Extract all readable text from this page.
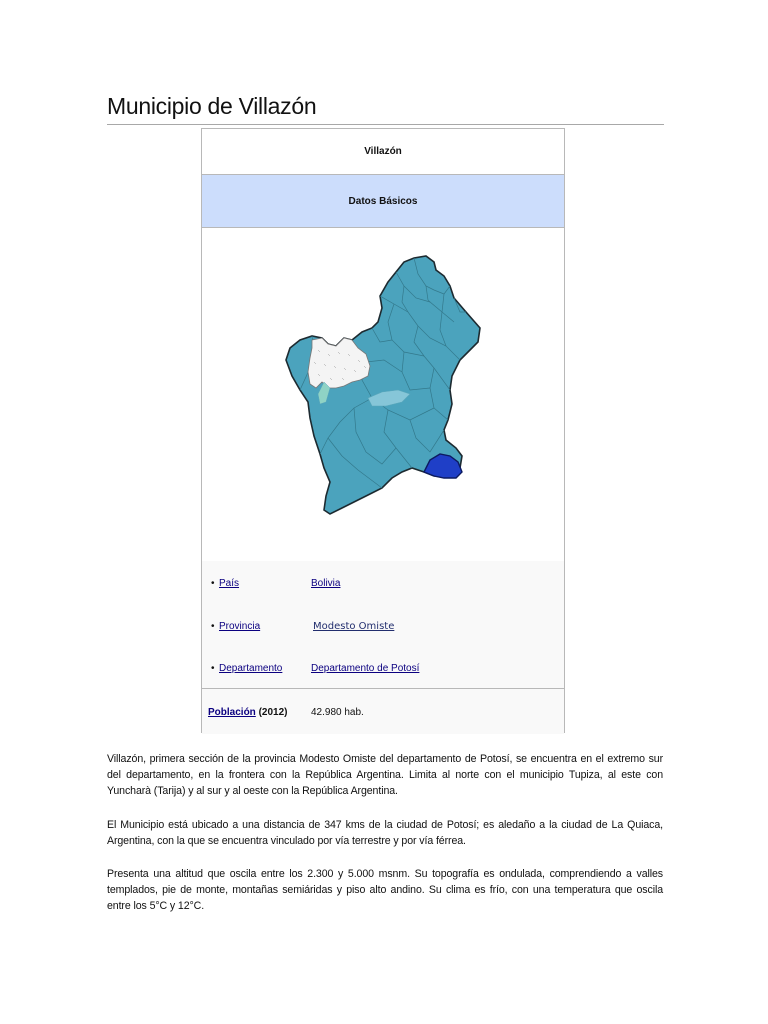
Municipio de Villazón
Villazón
Datos Básicos
• País	Bolivia
• Provincia	Modesto Omiste
• Departamento	Departamento de Potosí
Población (2012) 42.980 hab.

Villazón, primera sección de la provincia Modesto Omiste del departamento de Potosí, se encuentra en el extremo sur del departamento, en la frontera con la República Argentina. Limita al norte con el municipio Tupiza, al este con Yuncharà (Tarija) y al sur y al oeste con la República Argentina.

El Municipio está ubicado a una distancia de 347 kms de la ciudad de Potosí; es aledaño a la ciudad de La Quiaca, Argentina, con la que se encuentra vinculado por vía terrestre y por vía férrea.

Presenta una altitud que oscila entre los 2.300 y 5.000 msnm. Su topografía es ondulada, comprendiendo a valles templados, pie de monte, montañas semiáridas y piso alto andino. Su clima es frío, con una temperatura que oscila entre los 5°C y 12°C.
